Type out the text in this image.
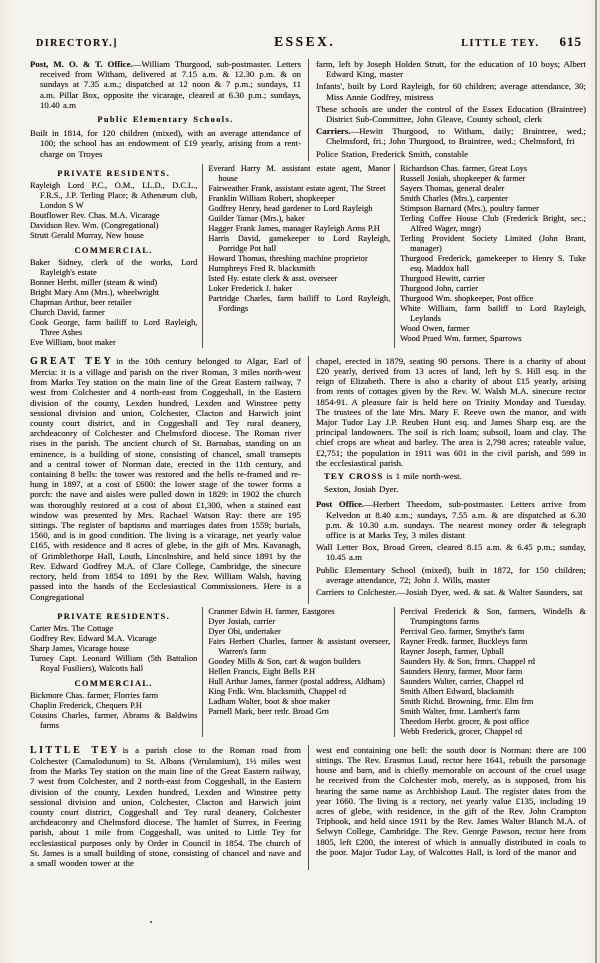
DIRECTORY.]	ESSEX.	LITTLE TEY. 615

Post, M. O. & T. Office.—William Thurgood, sub-postmaster. Letters received from Witham, delivered at 7.15 a.m. & 12.30 p.m. & on sundays at 7.35 a.m.; dispatched at 12 noon & 7 p.m.; sundays, 11 a.m. Pillar Box, opposite the vicarage, cleared at 6.30 p.m.; sundays, 10.40 a.m

Public Elementary Schools.

Built in 1814, for 120 children (mixed), with an average attendance of 100; the school has an endowment of £19 yearly, arising from a rent-charge on Troyes

farm, left by Joseph Holden Strutt, for the education of 10 boys; Albert Edward King, master

Infants', built by Lord Rayleigh, for 60 children; average attendance, 30; Miss Annie Godfrey, mistress

These schools are under the control of the Essex Education (Braintree) District Sub-Committee, John Gleave, County school, clerk

Carriers.—Hewitt Thurgood, to Witham, daily; Braintree, wed.; Chelmsford, fri.; John Thurgood, to Braintree, wed.; Chelmsford, fri

Police Station, Frederick Smith, constable

PRIVATE RESIDENTS.
Rayleigh Lord P.C., O.M., LL.D., D.C.L., F.R.S., J.P. Terling Place; & Athenæum club, London S W
Boutflower Rev. Chas. M.A. Vicarage
Davidson Rev. Wm. (Congregational)
Strutt Gerald Murray, New house
COMMERCIAL.
Baker Sidney, clerk of the works, Lord Rayleigh's estate
Bonner Herbt. miller (steam & wind)
Bright Mary Ann (Mrs.), wheelwright
Chapman Arthur, beer retailer
Church David, farmer
Cook George, farm bailiff to Lord Rayleigh, Three Ashes
Eve William, boot maker
Everard Harry M. assistant estate agent, Manor house
Fairweather Frank, assistant estate agent, The Street
Franklin William Robert, shopkeeper
Godfrey Henry, head gardener to Lord Rayleigh
Guilder Tamar (Mrs.), baker
Hagger Frank James, manager Rayleigh Arms P.H
Harris David, gamekeeper to Lord Rayleigh, Porridge Pot hall
Howard Thomas, threshing machine proprietor
Humphreys Fred R. blacksmith
Isted Hy. estate clerk & asst. overseer
Loker Frederick J. baker
Partridge Charles, farm bailiff to Lord Rayleigh, Fordings
Richardson Chas. farmer, Great Loys
Russell Josiah, shopkeeper & farmer
Sayers Thomas, general dealer
Smith Charles (Mrs.), carpenter
Stimpson Barnard (Mrs.), poultry farmer
Terling Coffee House Club (Frederick Bright, sec.; Alfred Wager, mngr)
Terling Provident Society Limited (John Brant, manager)
Thurgood Frederick, gamekeeper to Henry S. Tuke esq. Maddox hall
Thurgood Hewitt, carrier
Thurgood John, carrier
Thurgood Wm. shopkeeper, Post office
White William, farm bailiff to Lord Rayleigh, Leylands
Wood Owen, farmer
Wood Praed Wm. farmer, Sparrows

GREAT TEY in the 10th century belonged to Algar, Earl of Mercia: it is a village and parish on the river Roman, 3 miles north-west from Marks Tey station on the main line of the Great Eastern railway, 7 west from Colchester and 4 north-east from Coggeshall, in the Eastern division of the county, Lexden hundred, Lexden and Winstree petty sessional division and union, Colchester, Clacton and Harwich joint county court district, and in Coggeshall and Tey rural deanery, archdeaconry of Colchester and Chelmsford diocese. The Roman river rises in the parish. The ancient church of St. Barnabas, standing on an eminence, is a building of stone, consisting of chancel, small transepts and a central tower of Norman date, erected in the 11th century, and containing 8 bells: the tower was restored and the bells re-framed and re-hung in 1897, at a cost of £600: the lower stage of the tower forms a porch: the nave and aisles were pulled down in 1829: in 1902 the church was thoroughly restored at a cost of about £1,300, when a stained east window was presented by Mrs. Rachael Watson Ray: there are 195 sittings. The register of baptisms and marriages dates from 1559; burials, 1560, and is in good condition. The living is a vicarage, net yearly value £165, with residence and 8 acres of glebe, in the gift of Mrs. Kavanagh, of Grimblethorpe Hall, Louth, Lincolnshire, and held since 1891 by the Rev. Edward Godfrey M.A. of Clare College, Cambridge, the sinecure rectory, held from 1854 to 1891 by the Rev. William Walsh, having passed into the hands of the Ecclesiastical Commissioners. Here is a Congregational

chapel, erected in 1879, seating 90 persons. There is a charity of about £20 yearly, derived from 13 acres of land, left by S. Hill esq. in the reign of Elizabeth. There is also a charity of about £15 yearly, arising from rents of cottages given by the Rev. W. Walsh M.A. sinecure rector 1854-91. A pleasure fair is held here on Trinity Monday and Tuesday. The trustees of the late Mrs. Mary F. Reeve own the manor, and with Major Tudor Lay J.P. Reuben Hunt esq. and James Sharp esq. are the principal landowners. The soil is rich loam; subsoil, loam and clay. The chief crops are wheat and barley. The area is 2,798 acres; rateable value, £2,751; the population in 1911 was 601 in the civil parish, and 599 in the ecclesiastical parish.

TEY CROSS is 1 mile north-west.

Sexton, Josiah Dyer.

Post Office.—Herbert Theedom, sub-postmaster. Letters arrive from Kelvedon at 8.40 a.m.; sundays, 7.55 a.m. & are dispatched at 6.30 p.m. & 10.30 a.m. sundays. The nearest money order & telegraph office is at Marks Tey, 3 miles distant

Wall Letter Box, Broad Green, cleared 8.15 a.m. & 6.45 p.m.; sunday, 10.45 a.m

Public Elementary School (mixed), built in 1872, for 150 children; average attendance, 72; John J. Wills, master

Carriers to Colchester.—Josiah Dyer, wed. & sat. & Walter Saunders, sat

PRIVATE RESIDENTS.
Carter Mrs. The Cottage
Godfrey Rev. Edward M.A. Vicarage
Sharp James, Vicarage house
Turney Capt. Leonard William (5th Battalion Royal Fusiliers), Walcotts hall
COMMERCIAL.
Bickmore Chas. farmer, Florries farm
Chaplin Frederick, Chequers P.H
Cousins Charles, farmer, Abrams & Baldwins farms
Cranmer Edwin H. farmer, Eastgores
Dyer Josiah, carrier
Dyer Obi, undertaker
Fairs Herbert Charles, farmer & assistant overseer, Warren's farm
Goodey Mills & Son, cart & wagon builders
Hellen Francis, Eight Bells P.H
Hull Arthur James, farmer (postal address, Aldham)
King Frdk. Wm. blacksmith, Chappel rd
Ladham Walter, boot & shoe maker
Parnell Mark, beer retlr. Broad Grn
Percival Frederick & Son, farmers, Windells & Trumpingtons farms
Percival Geo. farmer, Smythe's farm
Rayner Fredk. farmer, Buckleys farm
Rayner Joseph, farmer, Uphall
Saunders Hy. & Son, frmrs. Chappel rd
Saunders Henry, farmer, Moor farm
Saunders Walter, carrier, Chappel rd
Smith Albert Edward, blacksmith
Smith Richd. Browning, frmr. Elm frm
Smith Walter, frmr. Lambert's farm
Theedom Herbt. grocer, & post office
Webb Frederick, grocer, Chappel rd

LITTLE TEY is a parish close to the Roman road from Colchester (Camalodunum) to St. Albans (Verulamium), 1½ miles west from the Marks Tey station on the main line of the Great Eastern railway, 7 west from Colchester, and 2 north-east from Coggeshall, in the Eastern division of the county, Lexden hundred, Lexden and Winstree petty sessional division and union, Colchester, Clacton and Harwich joint county court district, Coggeshall and Tey rural deanery, Colchester archdeaconry and Chelmsford diocese. The hamlet of Surrex, in Feering parish, about 1 mile from Coggeshall, was united to Little Tey for ecclesiastical purposes only by Order in Council in 1854. The church of St. James is a small building of stone, consisting of chancel and nave and a small wooden tower at the

west end containing one bell: the south door is Norman: there are 100 sittings. The Rev. Erasmus Laud, rector here 1641, rebuilt the parsonage house and barn, and is chiefly memorable on account of the cruel usage he received from the Colchester mob, merely, as is supposed, from his bearing the same name as Archbishop Laud. The register dates from the year 1660. The living is a rectory, net yearly value £135, including 19 acres of glebe, with residence, in the gift of the Rev. John Crampton Triphook, and held since 1911 by the Rev. James Walter Blanch M.A. of Selwyn College, Cambridge. The Rev. George Pawson, rector here from 1805, left £200, the interest of which is annually distributed in coals to the poor. Major Tudor Lay, of Walcottes Hall, is lord of the manor and
